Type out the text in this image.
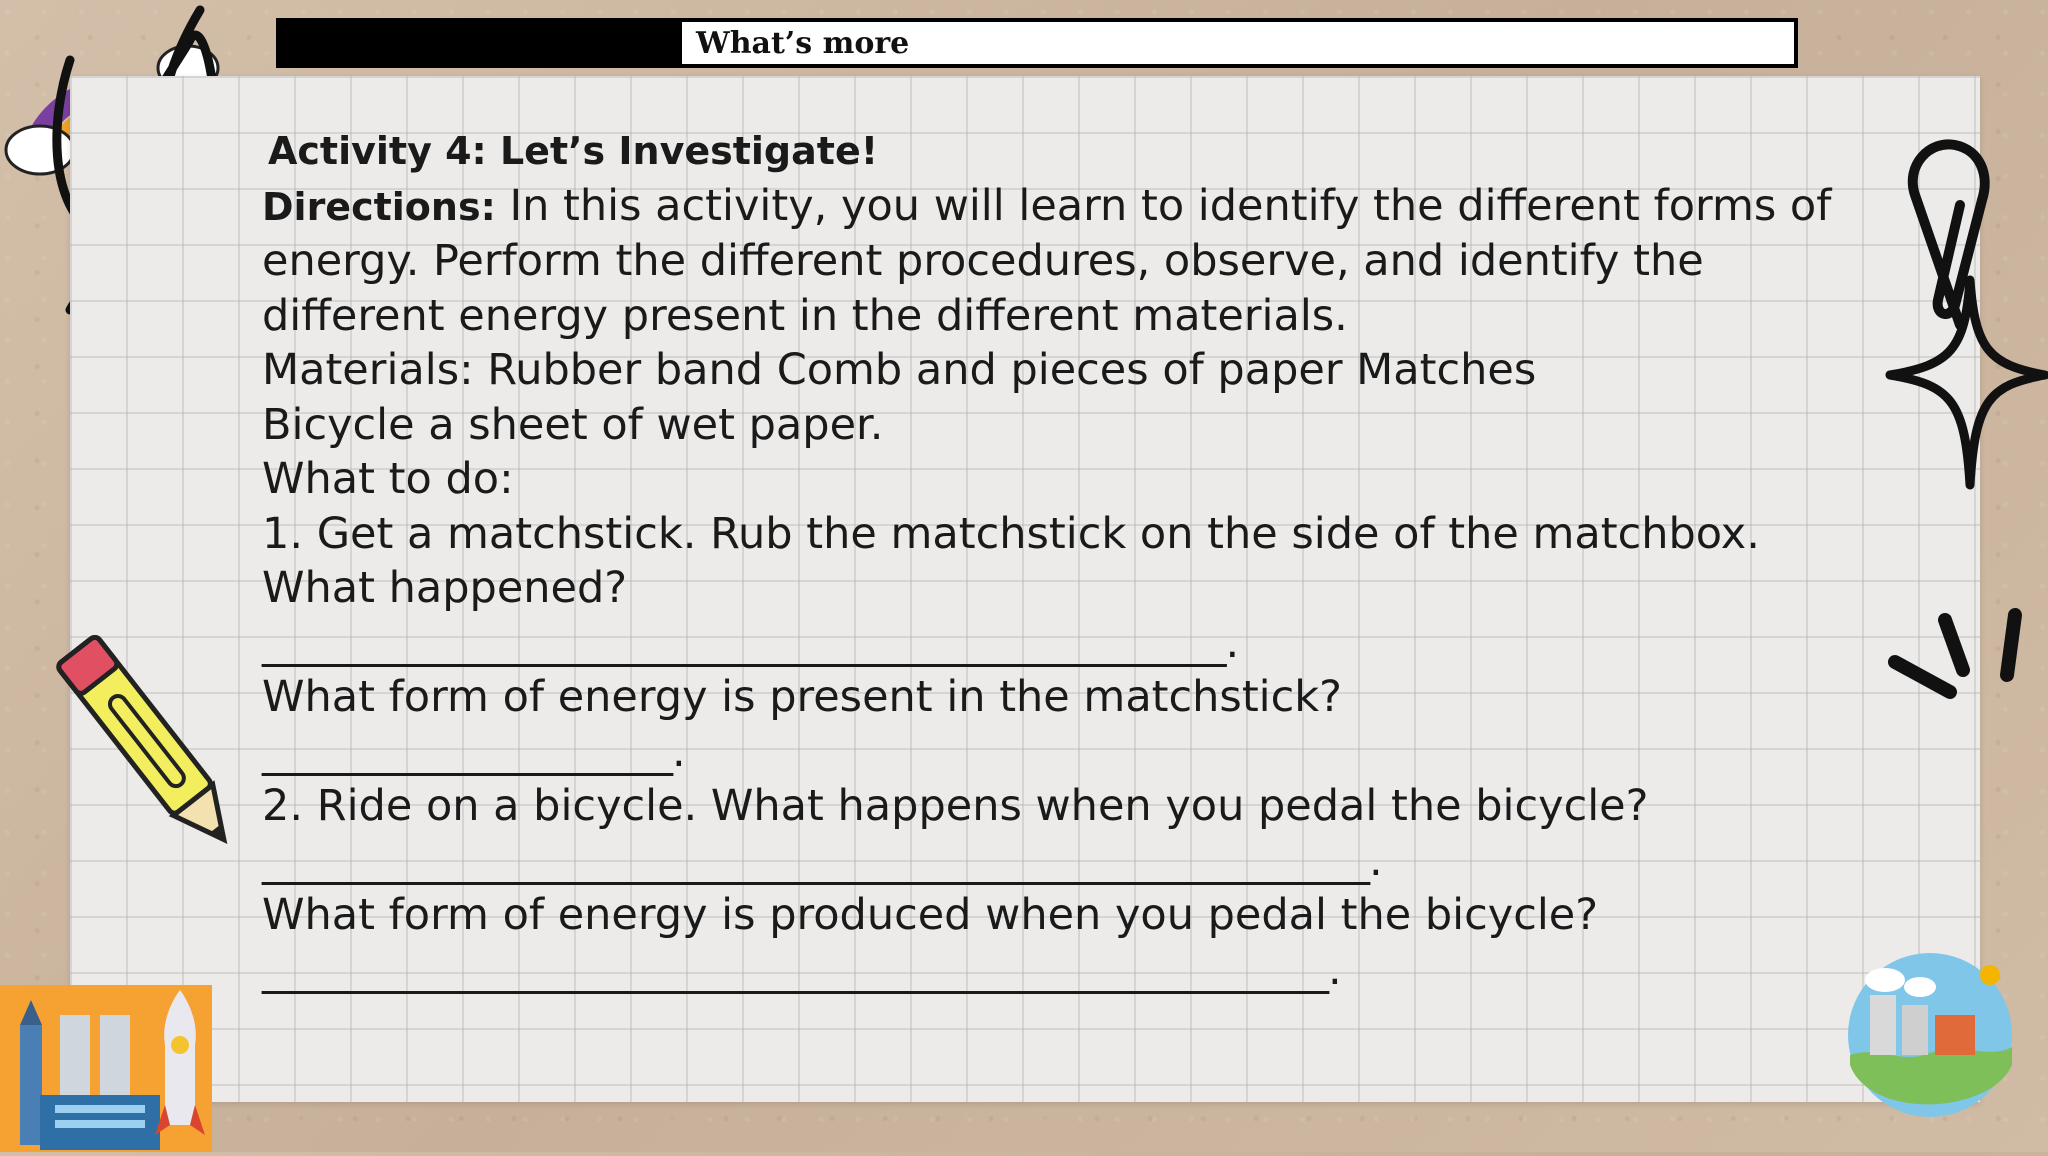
What’s more
Activity 4: Let’s Investigate!
Directions: In this activity, you will learn to identify the different forms of
energy. Perform the different procedures, observe, and identify the
different energy present in the different materials.
Materials: Rubber band Comb and pieces of paper Matches
Bicycle a sheet of wet paper.
What to do:
1. Get a matchstick. Rub the matchstick on the side of the matchbox.
What happened?
_______________________________________________.
What form of energy is present in the matchstick?
____________________.
2. Ride on a bicycle. What happens when you pedal the bicycle?
______________________________________________________.
What form of energy is produced when you pedal the bicycle?
____________________________________________________.
